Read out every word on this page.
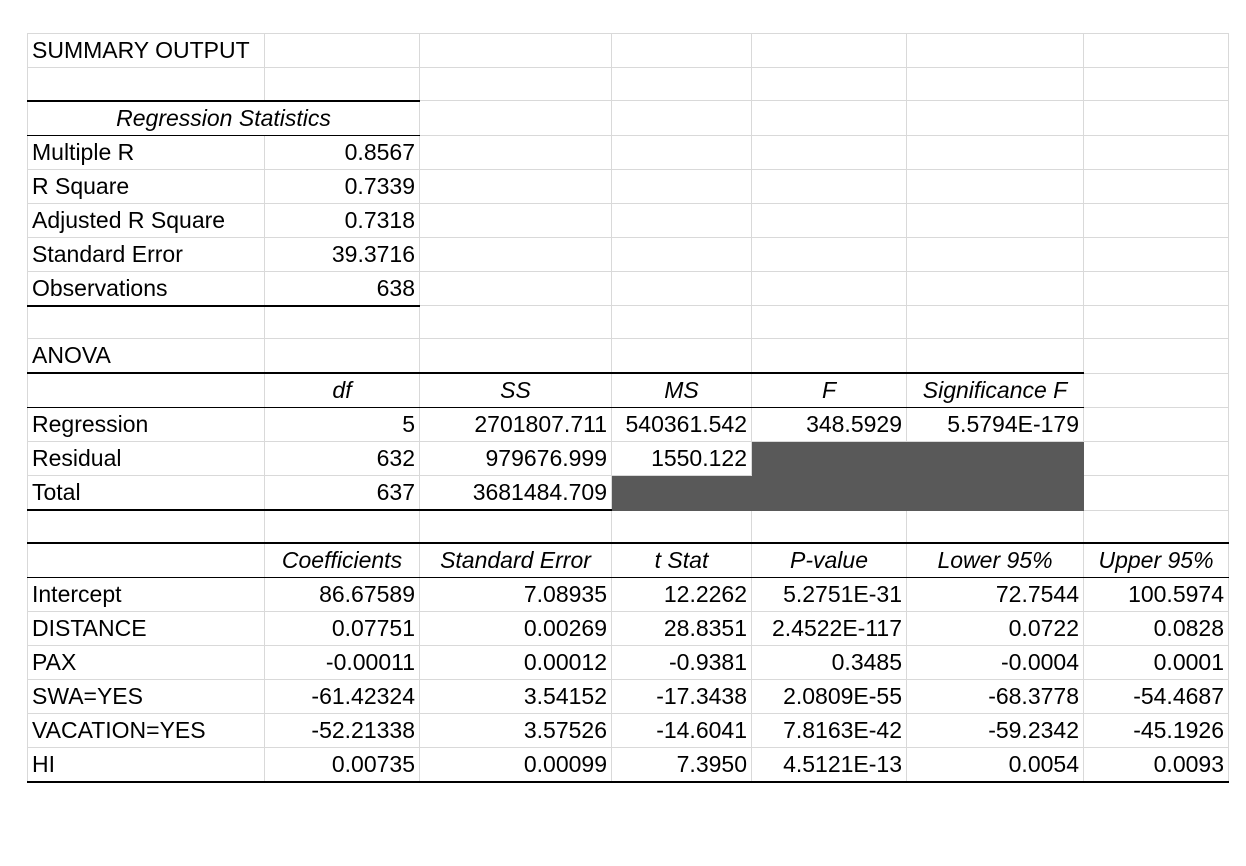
SUMMARY OUTPUT						

Regression Statistics						
Multiple R	0.8567					
R Square	0.7339					
Adjusted R Square	0.7318					
Standard Error	39.3716					
Observations	638					

ANOVA						
	df	SS	MS	F	Significance F	
Regression	5	2701807.711	540361.542	348.5929	5.5794E-179	
Residual	632	979676.999	1550.122			
Total	637	3681484.709				

	Coefficients	Standard Error	t Stat	P-value	Lower 95%	Upper 95%
Intercept	86.67589	7.08935	12.2262	5.2751E-31	72.7544	100.5974
DISTANCE	0.07751	0.00269	28.8351	2.4522E-117	0.0722	0.0828
PAX	-0.00011	0.00012	-0.9381	0.3485	-0.0004	0.0001
SWA=YES	-61.42324	3.54152	-17.3438	2.0809E-55	-68.3778	-54.4687
VACATION=YES	-52.21338	3.57526	-14.6041	7.8163E-42	-59.2342	-45.1926
HI	0.00735	0.00099	7.3950	4.5121E-13	0.0054	0.0093
